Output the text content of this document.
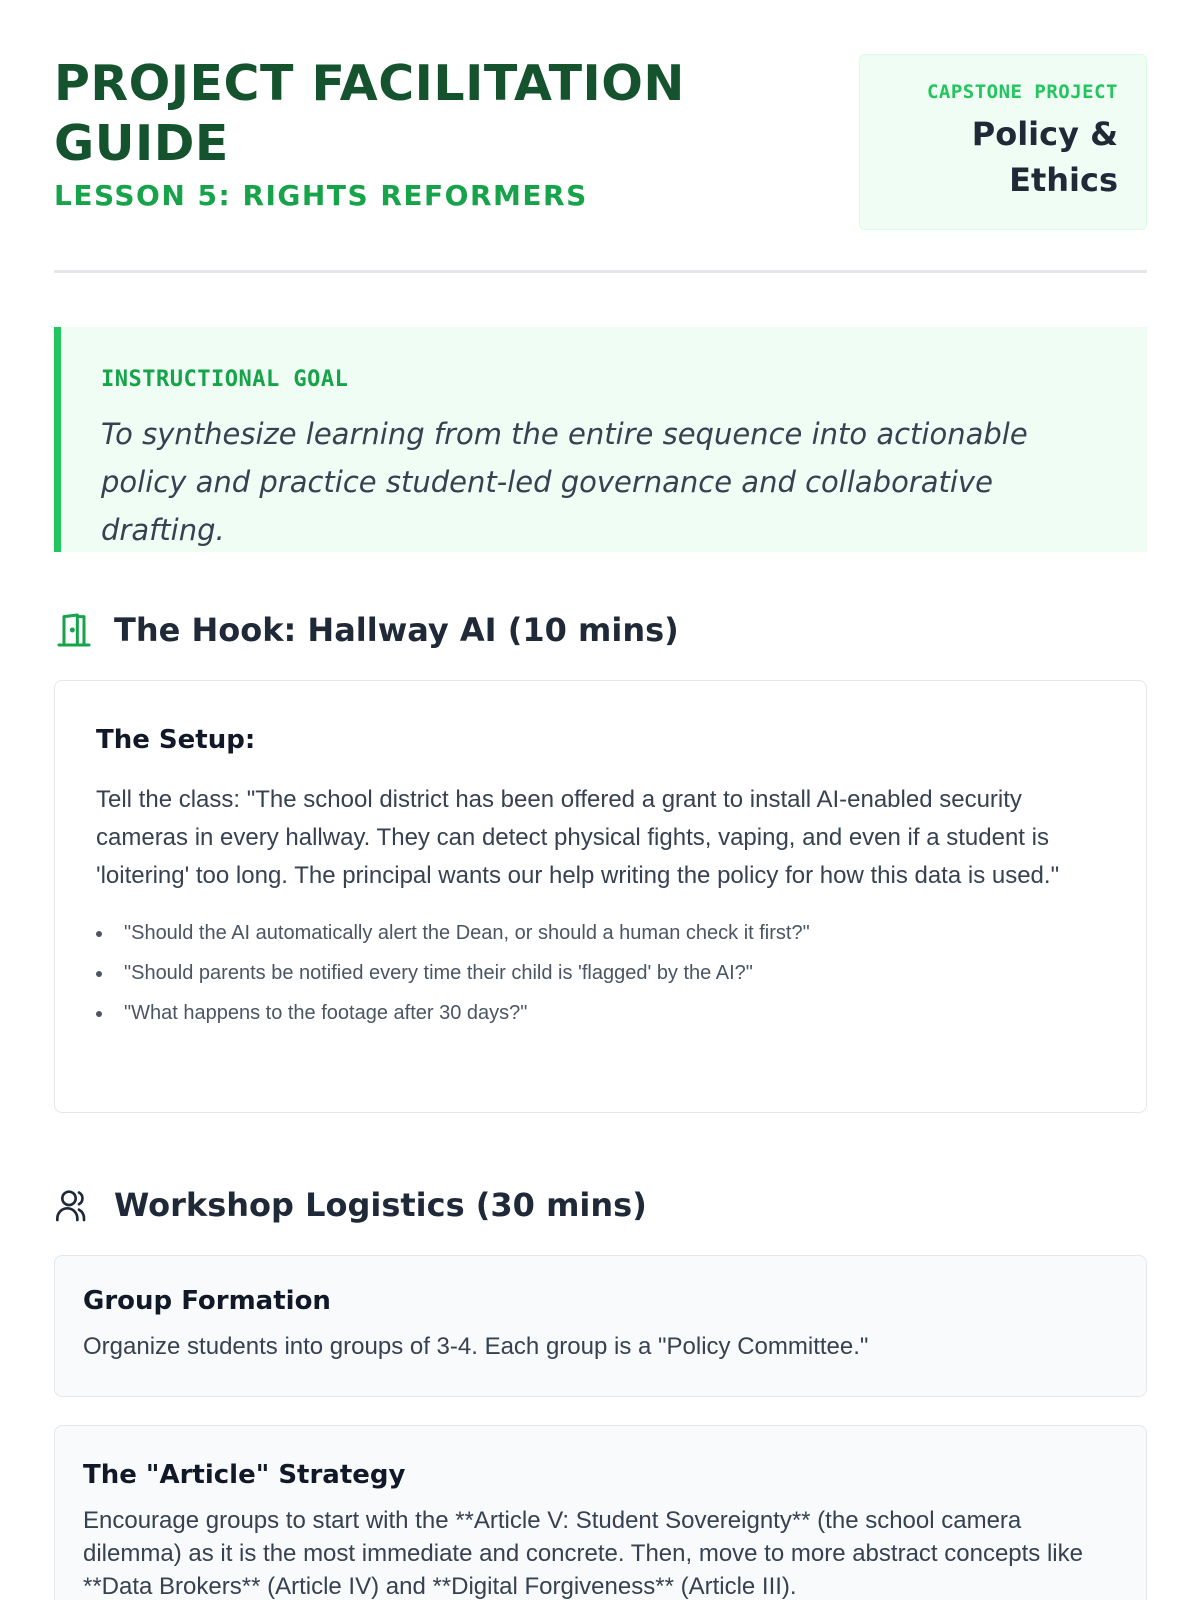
PROJECT FACILITATION GUIDE
LESSON 5: RIGHTS REFORMERS
CAPSTONE PROJECT
Policy & Ethics
INSTRUCTIONAL GOAL
To synthesize learning from the entire sequence into actionable policy and practice student-led governance and collaborative drafting.
The Hook: Hallway AI (10 mins)
The Setup:

Tell the class: "The school district has been offered a grant to install AI-enabled security cameras in every hallway. They can detect physical fights, vaping, and even if a student is 'loitering' too long. The principal wants our help writing the policy for how this data is used."

"Should the AI automatically alert the Dean, or should a human check it first?"
"Should parents be notified every time their child is 'flagged' by the AI?"
"What happens to the footage after 30 days?"
Workshop Logistics (30 mins)
Group Formation
Organize students into groups of 3-4. Each group is a "Policy Committee."
The "Article" Strategy
Encourage groups to start with the **Article V: Student Sovereignty** (the school camera dilemma) as it is the most immediate and concrete. Then, move to more abstract concepts like **Data Brokers** (Article IV) and **Digital Forgiveness** (Article III).
